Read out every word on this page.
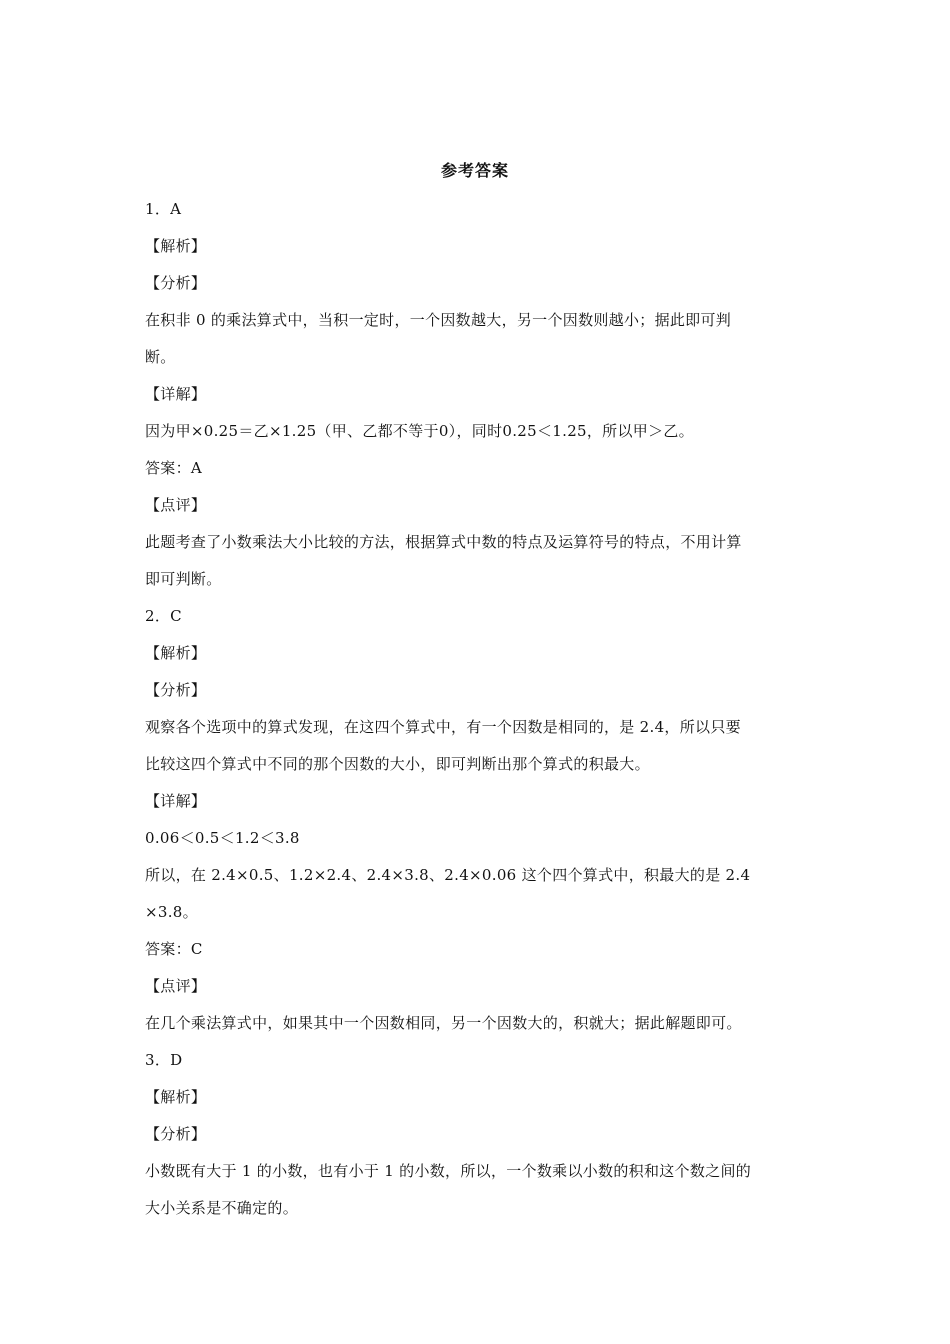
参考答案
1．A
【解析】
【分析】
在积非 0 的乘法算式中，当积一定时，一个因数越大，另一个因数则越小；据此即可判
断。
【详解】
因为甲×0.25＝乙×1.25（甲、乙都不等于0），同时0.25＜1.25，所以甲＞乙。
答案：A
【点评】
此题考查了小数乘法大小比较的方法，根据算式中数的特点及运算符号的特点，不用计算
即可判断。
2．C
【解析】
【分析】
观察各个选项中的算式发现，在这四个算式中，有一个因数是相同的，是 2.4，所以只要
比较这四个算式中不同的那个因数的大小，即可判断出那个算式的积最大。
【详解】
0.06＜0.5＜1.2＜3.8
所以，在 2.4×0.5、1.2×2.4、2.4×3.8、2.4×0.06 这个四个算式中，积最大的是 2.4
×3.8。
答案：C
【点评】
在几个乘法算式中，如果其中一个因数相同，另一个因数大的，积就大；据此解题即可。
3．D
【解析】
【分析】
小数既有大于 1 的小数，也有小于 1 的小数，所以，一个数乘以小数的积和这个数之间的
大小关系是不确定的。
